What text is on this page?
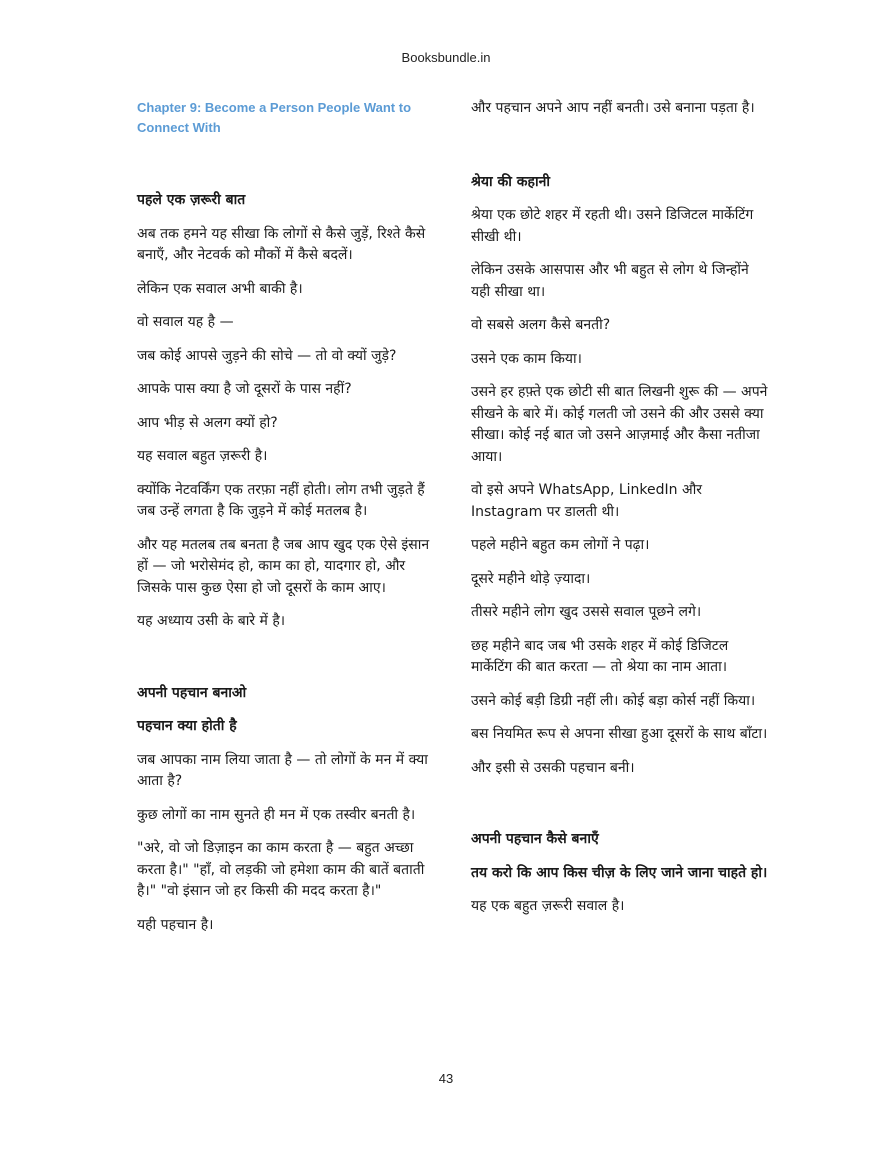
Booksbundle.in
Chapter 9: Become a Person People Want to Connect With
पहले एक ज़रूरी बात

अब तक हमने यह सीखा कि लोगों से कैसे जुड़ें, रिश्ते कैसे बनाएँ, और नेटवर्क को मौकों में कैसे बदलें।

लेकिन एक सवाल अभी बाकी है।

वो सवाल यह है —

जब कोई आपसे जुड़ने की सोचे — तो वो क्यों जुड़े?

आपके पास क्या है जो दूसरों के पास नहीं?

आप भीड़ से अलग क्यों हो?

यह सवाल बहुत ज़रूरी है।

क्योंकि नेटवर्किंग एक तरफ़ा नहीं होती। लोग तभी जुड़ते हैं जब उन्हें लगता है कि जुड़ने में कोई मतलब है।

और यह मतलब तब बनता है जब आप खुद एक ऐसे इंसान हों — जो भरोसेमंद हो, काम का हो, यादगार हो, और जिसके पास कुछ ऐसा हो जो दूसरों के काम आए।

यह अध्याय उसी के बारे में है।

अपनी पहचान बनाओ
पहचान क्या होती है

जब आपका नाम लिया जाता है — तो लोगों के मन में क्या आता है?

कुछ लोगों का नाम सुनते ही मन में एक तस्वीर बनती है।

"अरे, वो जो डिज़ाइन का काम करता है — बहुत अच्छा करता है।" "हाँ, वो लड़की जो हमेशा काम की बातें बताती है।" "वो इंसान जो हर किसी की मदद करता है।"

यही पहचान है।

और पहचान अपने आप नहीं बनती। उसे बनाना पड़ता है।

श्रेया की कहानी

श्रेया एक छोटे शहर में रहती थी। उसने डिजिटल मार्केटिंग सीखी थी।

लेकिन उसके आसपास और भी बहुत से लोग थे जिन्होंने यही सीखा था।

वो सबसे अलग कैसे बनती?

उसने एक काम किया।

उसने हर हफ़्ते एक छोटी सी बात लिखनी शुरू की — अपने सीखने के बारे में। कोई गलती जो उसने की और उससे क्या सीखा। कोई नई बात जो उसने आज़माई और कैसा नतीजा आया।

वो इसे अपने WhatsApp, LinkedIn और Instagram पर डालती थी।

पहले महीने बहुत कम लोगों ने पढ़ा।

दूसरे महीने थोड़े ज़्यादा।

तीसरे महीने लोग खुद उससे सवाल पूछने लगे।

छह महीने बाद जब भी उसके शहर में कोई डिजिटल मार्केटिंग की बात करता — तो श्रेया का नाम आता।

उसने कोई बड़ी डिग्री नहीं ली। कोई बड़ा कोर्स नहीं किया।

बस नियमित रूप से अपना सीखा हुआ दूसरों के साथ बाँटा।

और इसी से उसकी पहचान बनी।

अपनी पहचान कैसे बनाएँ
तय करो कि आप किस चीज़ के लिए जाने जाना चाहते हो।

यह एक बहुत ज़रूरी सवाल है।

43
